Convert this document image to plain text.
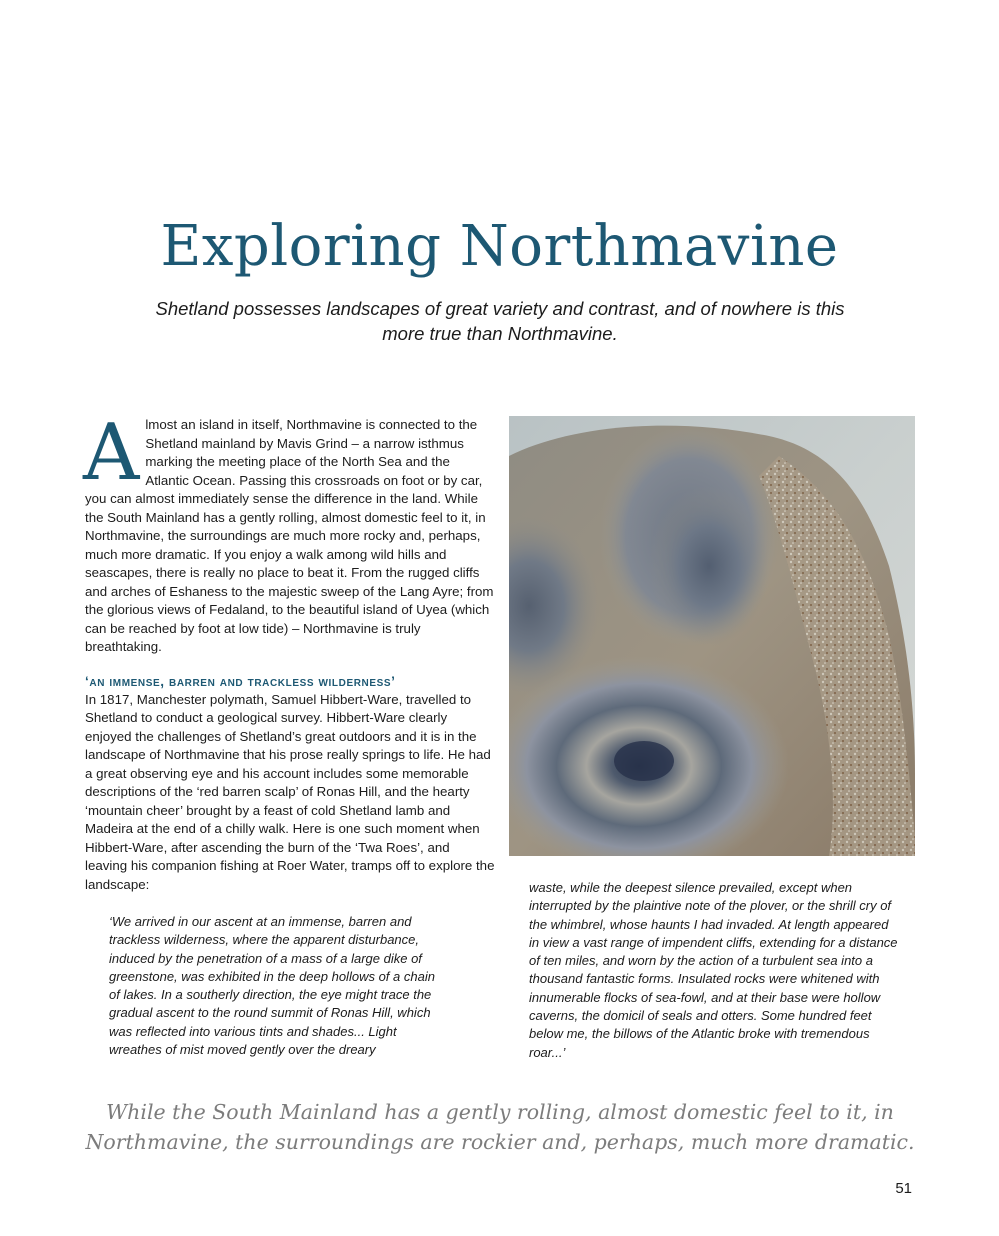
Exploring Northmavine

Shetland possesses landscapes of great variety and contrast, and of nowhere is this more true than Northmavine.

Almost an island in itself, Northmavine is connected to the Shetland mainland by Mavis Grind – a narrow isthmus marking the meeting place of the North Sea and the Atlantic Ocean. Passing this crossroads on foot or by car, you can almost immediately sense the difference in the land. While the South Mainland has a gently rolling, almost domestic feel to it, in Northmavine, the surroundings are much more rocky and, perhaps, much more dramatic. If you enjoy a walk among wild hills and seascapes, there is really no place to beat it. From the rugged cliffs and arches of Eshaness to the majestic sweep of the Lang Ayre; from the glorious views of Fedaland, to the beautiful island of Uyea (which can be reached by foot at low tide) – Northmavine is truly breathtaking.

‘an immense, barren and trackless wilderness’

In 1817, Manchester polymath, Samuel Hibbert-Ware, travelled to Shetland to conduct a geological survey. Hibbert-Ware clearly enjoyed the challenges of Shetland’s great outdoors and it is in the landscape of Northmavine that his prose really springs to life. He had a great observing eye and his account includes some memorable descriptions of the ‘red barren scalp’ of Ronas Hill, and the hearty ‘mountain cheer’ brought by a feast of cold Shetland lamb and Madeira at the end of a chilly walk. Here is one such moment when Hibbert-Ware, after ascending the burn of the ‘Twa Roes’, and leaving his companion fishing at Roer Water, tramps off to explore the landscape:

‘We arrived in our ascent at an immense, barren and trackless wilderness, where the apparent disturbance, induced by the penetration of a mass of a large dike of greenstone, was exhibited in the deep hollows of a chain of lakes. In a southerly direction, the eye might trace the gradual ascent to the round summit of Ronas Hill, which was reflected into various tints and shades... Light wreathes of mist moved gently over the dreary

waste, while the deepest silence prevailed, except when interrupted by the plaintive note of the plover, or the shrill cry of the whimbrel, whose haunts I had invaded. At length appeared in view a vast range of impendent cliffs, extending for a distance of ten miles, and worn by the action of a turbulent sea into a thousand fantastic forms. Insulated rocks were whitened with innumerable flocks of sea-fowl, and at their base were hollow caverns, the domicil of seals and otters. Some hundred feet below me, the billows of the Atlantic broke with tremendous roar...’

While the South Mainland has a gently rolling, almost domestic feel to it, in Northmavine, the surroundings are rockier and, perhaps, much more dramatic.

51
